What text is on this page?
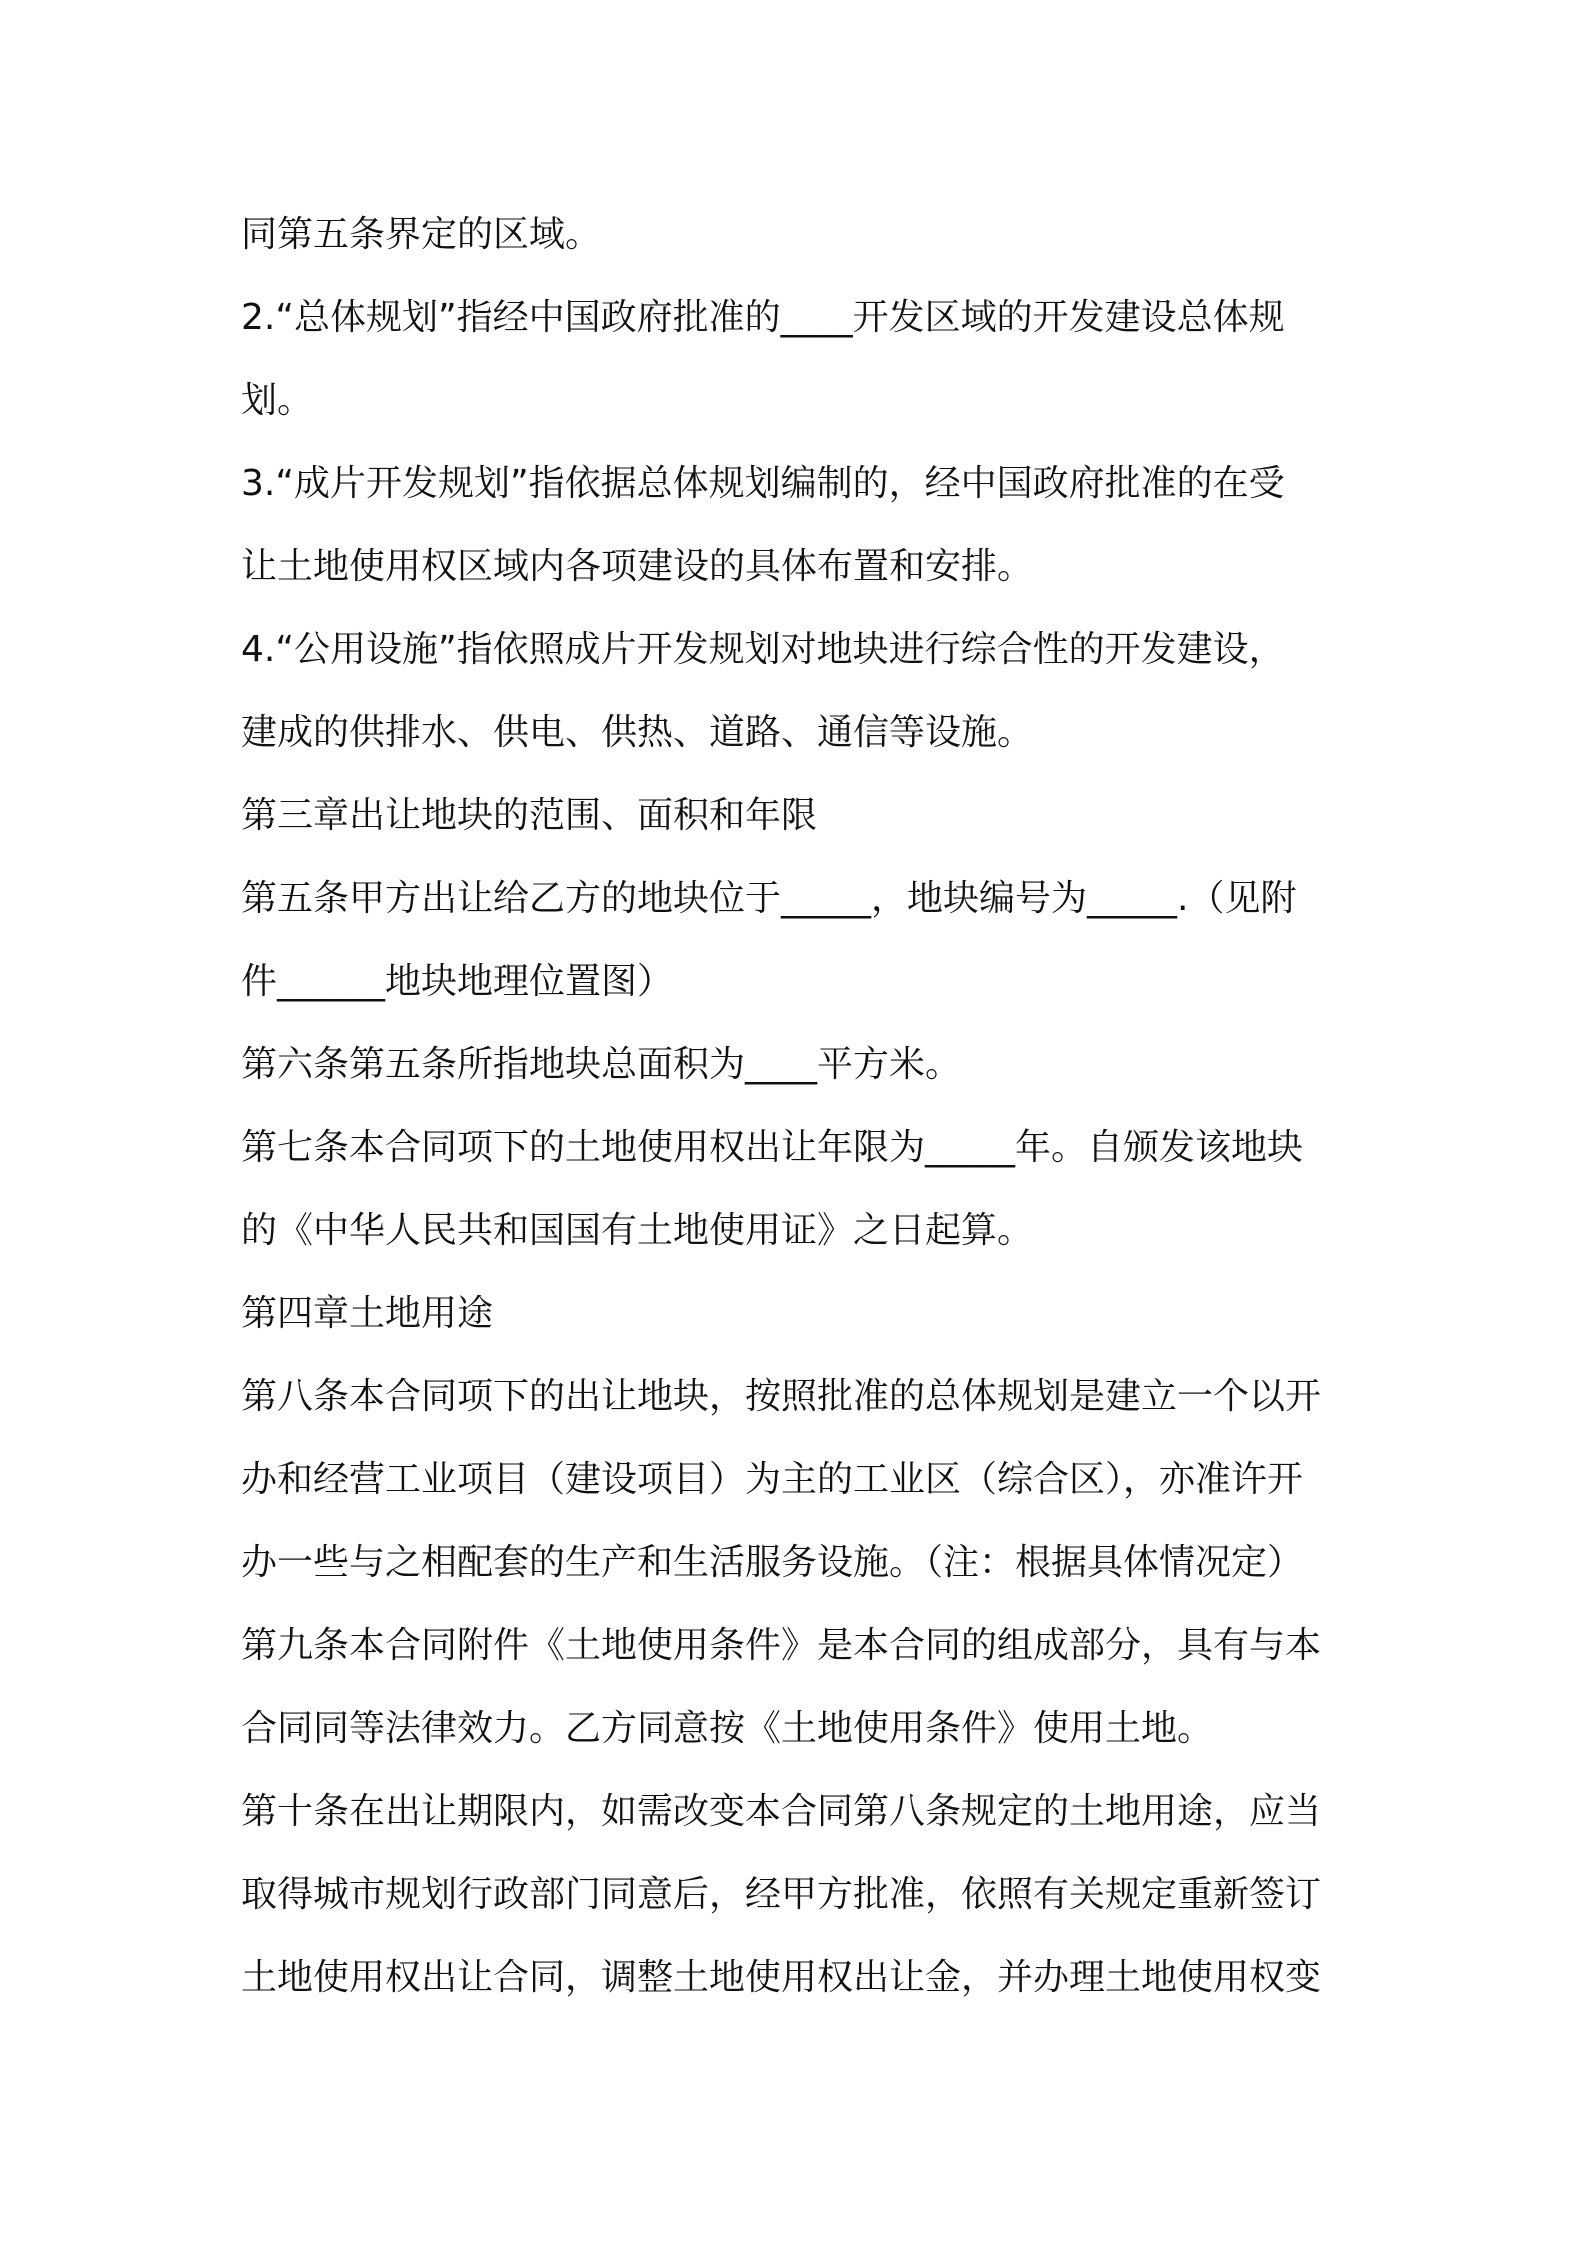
同第五条界定的区域。
2.“总体规划”指经中国政府批准的____开发区域的开发建设总体规
划。
3.“成片开发规划”指依据总体规划编制的，经中国政府批准的在受
让土地使用权区域内各项建设的具体布置和安排。
4.“公用设施”指依照成片开发规划对地块进行综合性的开发建设，
建成的供排水、供电、供热、道路、通信等设施。
第三章出让地块的范围、面积和年限
第五条甲方出让给乙方的地块位于_____，地块编号为_____.（见附
件______地块地理位置图）
第六条第五条所指地块总面积为____平方米。
第七条本合同项下的土地使用权出让年限为_____年。自颁发该地块
的《中华人民共和国国有土地使用证》之日起算。
第四章土地用途
第八条本合同项下的出让地块，按照批准的总体规划是建立一个以开
办和经营工业项目（建设项目）为主的工业区（综合区），亦准许开
办一些与之相配套的生产和生活服务设施。（注：根据具体情况定）
第九条本合同附件《土地使用条件》是本合同的组成部分，具有与本
合同同等法律效力。乙方同意按《土地使用条件》使用土地。
第十条在出让期限内，如需改变本合同第八条规定的土地用途，应当
取得城市规划行政部门同意后，经甲方批准，依照有关规定重新签订
土地使用权出让合同，调整土地使用权出让金，并办理土地使用权变
